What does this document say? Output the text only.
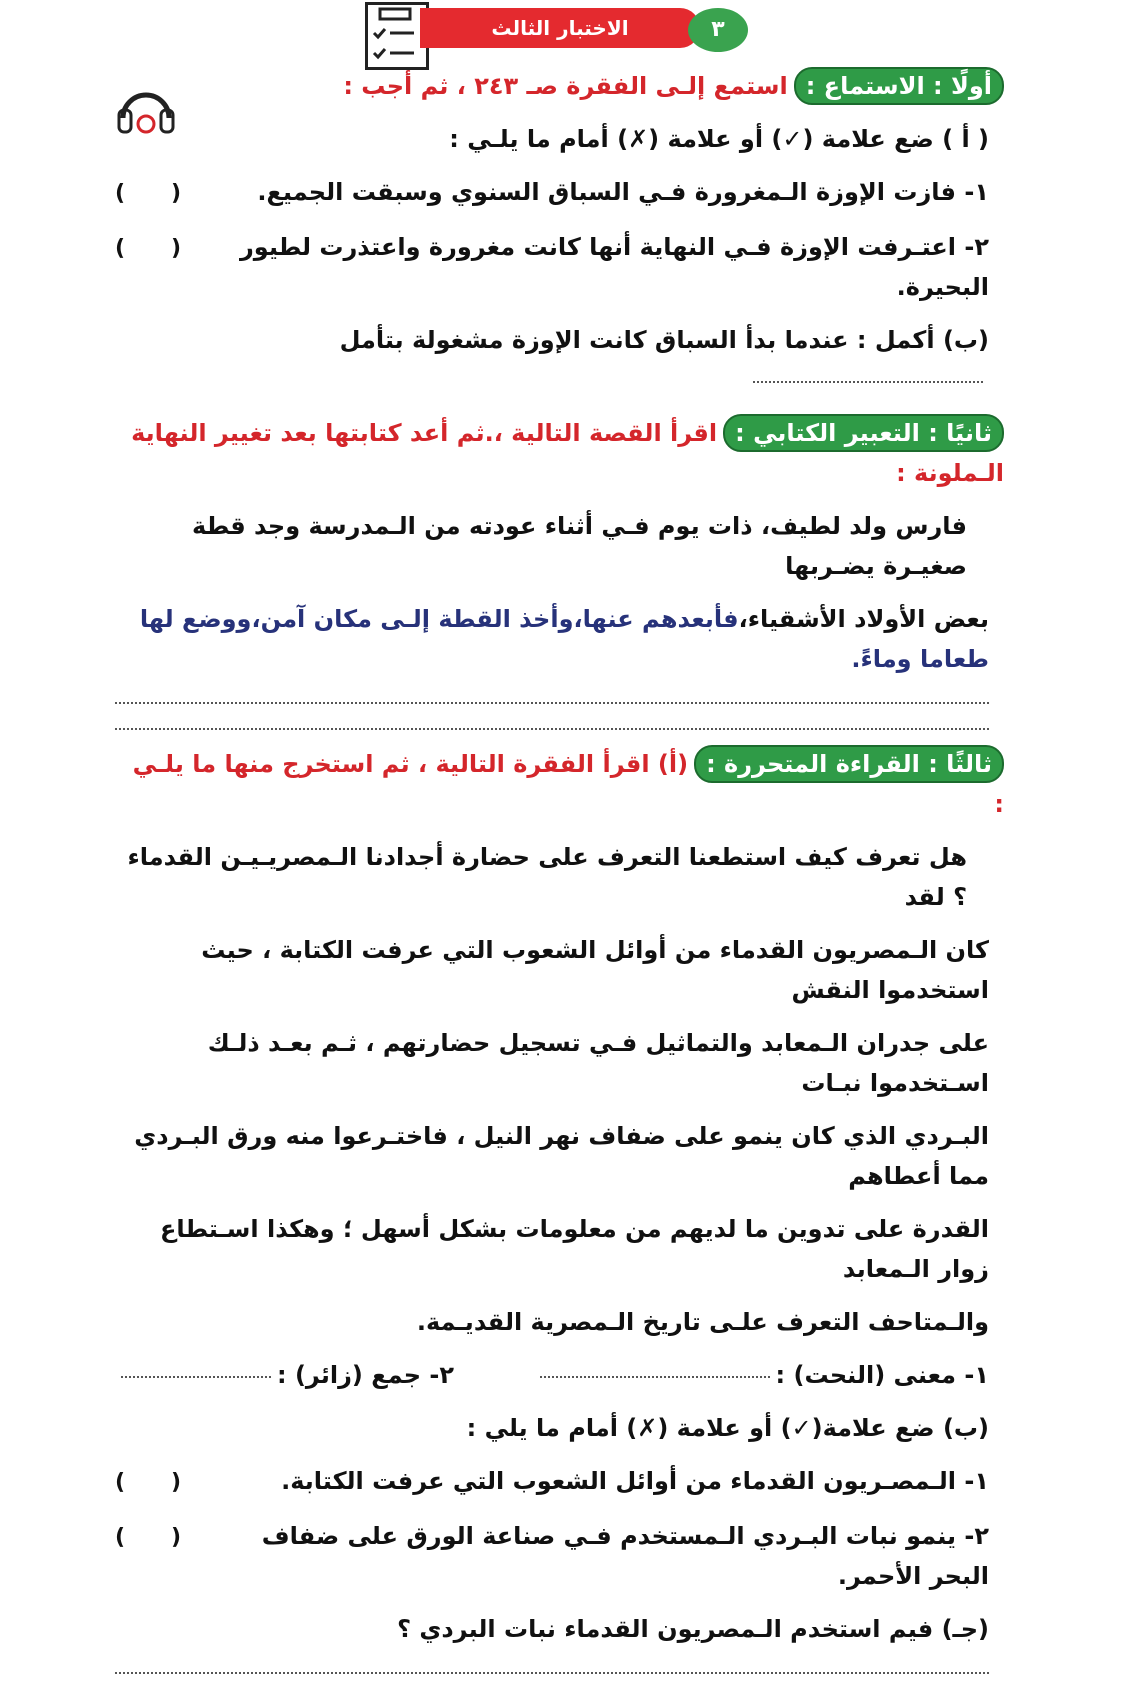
الاختبار الثالث	٣
أولًا : الاستماع :استمع إلـى الفقرة صـ ٢٤٣ ، ثم أجب :
( أ ) ضع علامة (✓) أو علامة (✗) أمام ما يلـي :
١- فازت الإوزة الـمغرورة فـي السباق السنوي وسبقت الجميع.
(      )
٢- اعتـرفت الإوزة فـي النهاية أنها كانت مغرورة واعتذرت لطيور البحيرة.
(      )
(ب) أكمل : عندما بدأ السباق كانت الإوزة مشغولة بتأمل
ثانيًا : التعبير الكتابي :اقرأ القصة التالية ،.ثم أعد كتابتها بعد تغيير النهاية الـملونة :
فارس ولد لطيف، ذات يوم فـي أثناء عودته من الـمدرسة وجد قطة صغيـرة يضـربها
بعض الأولاد الأشقياء،فأبعدهم عنها،وأخذ القطة إلـى مكان آمن،ووضع لها طعاما وماءً.
ثالثًا : القراءة المتحررة :(أ) اقرأ الفقرة التالية ، ثم استخرج منها ما يلـي :
هل تعرف كيف استطعنا التعرف على حضارة أجدادنا الـمصريـيـن القدماء ؟ لقد
كان الـمصريون القدماء من أوائل الشعوب التي عرفت الكتابة ، حيث استخدموا النقش
على جدران الـمعابد والتماثيل فـي تسجيل حضارتهم ، ثـم بعـد ذلـك اسـتخدموا نبـات
البـردي الذي كان ينمو على ضفاف نهر النيل ، فاختـرعوا منه ورق البـردي مما أعطاهم
القدرة على تدوين ما لديهم من معلومات بشكل أسهل ؛ وهكذا اسـتطاع زوار الـمعابد
والـمتاحف التعرف علـى تاريخ الـمصرية القديـمة.
١- معنى (النحت) :
٢- جمع (زائر) :
(ب) ضع علامة(✓) أو علامة (✗) أمام ما يلي :
١- الـمصـريون القدماء من أوائل الشعوب التي عرفت الكتابة.
(      )
٢- ينمو نبات البـردي الـمستخدم فـي صناعة الورق على ضفاف البحر الأحمر.
(      )
(جـ) فيم استخدم الـمصريون القدماء نبات البردي ؟
